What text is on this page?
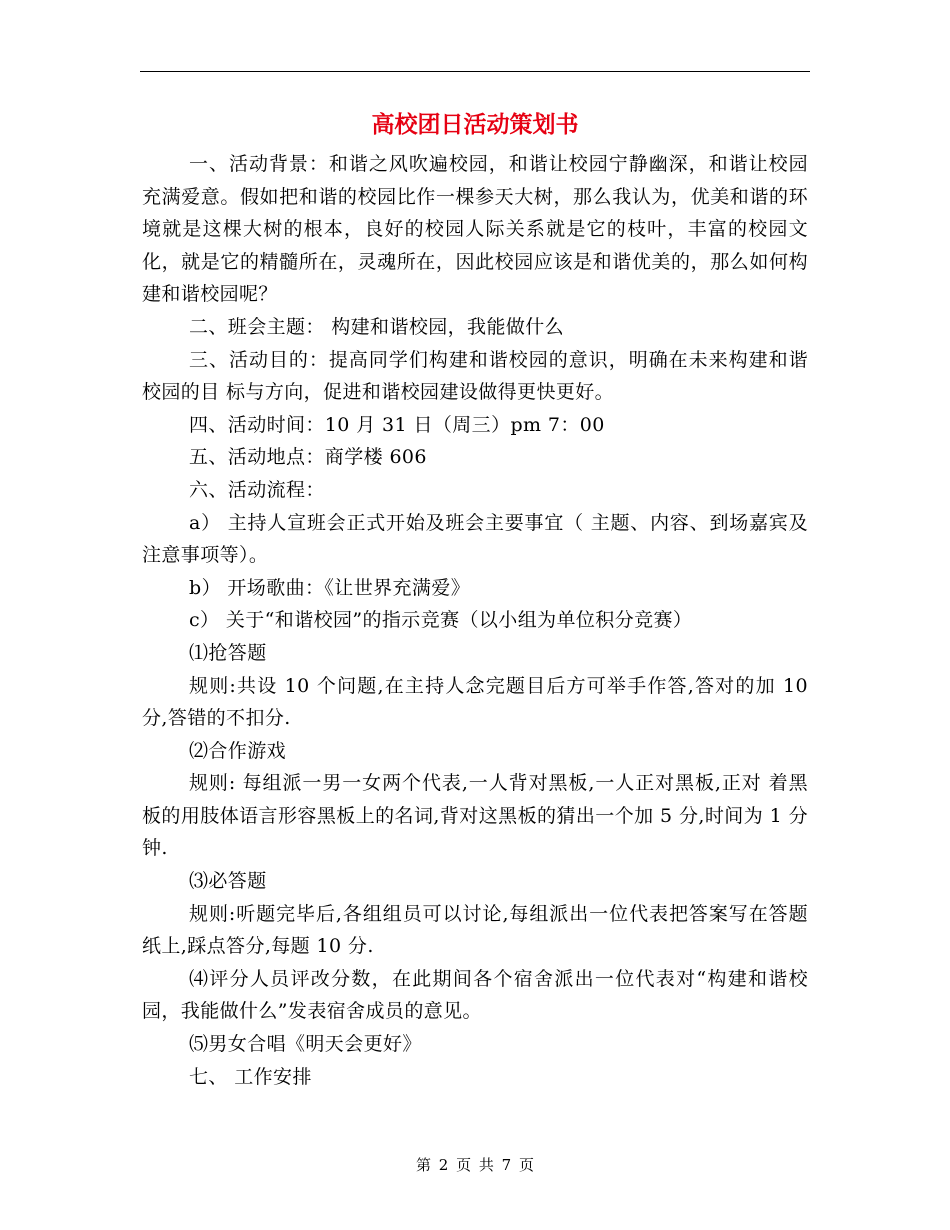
高校团日活动策划书

一、活动背景：和谐之风吹遍校园，和谐让校园宁静幽深，和谐让校园充满爱意。假如把和谐的校园比作一棵参天大树，那么我认为，优美和谐的环境就是这棵大树的根本，良好的校园人际关系就是它的枝叶，丰富的校园文化，就是它的精髓所在，灵魂所在，因此校园应该是和谐优美的，那么如何构建和谐校园呢？

二、班会主题： 构建和谐校园，我能做什么

三、活动目的：提高同学们构建和谐校园的意识，明确在未来构建和谐校园的目 标与方向，促进和谐校园建设做得更快更好。

四、活动时间：10 月 31 日（周三）pm 7：00

五、活动地点：商学楼 606

六、活动流程：

a） 主持人宣班会正式开始及班会主要事宜（ 主题、内容、到场嘉宾及注意事项等）。

b） 开场歌曲：《让世界充满爱》

c） 关于“和谐校园”的指示竞赛（以小组为单位积分竞赛）

⑴抢答题

规则:共设 10 个问题,在主持人念完题目后方可举手作答,答对的加 10 分,答错的不扣分.

⑵合作游戏

规则: 每组派一男一女两个代表,一人背对黑板,一人正对黑板,正对 着黑板的用肢体语言形容黑板上的名词,背对这黑板的猜出一个加 5 分,时间为 1 分钟.

⑶必答题

规则:听题完毕后,各组组员可以讨论,每组派出一位代表把答案写在答题纸上,踩点答分,每题 10 分.

⑷评分人员评改分数，在此期间各个宿舍派出一位代表对“构建和谐校园，我能做什么”发表宿舍成员的意见。

⑸男女合唱《明天会更好》

七、 工作安排

第 2 页 共 7 页
